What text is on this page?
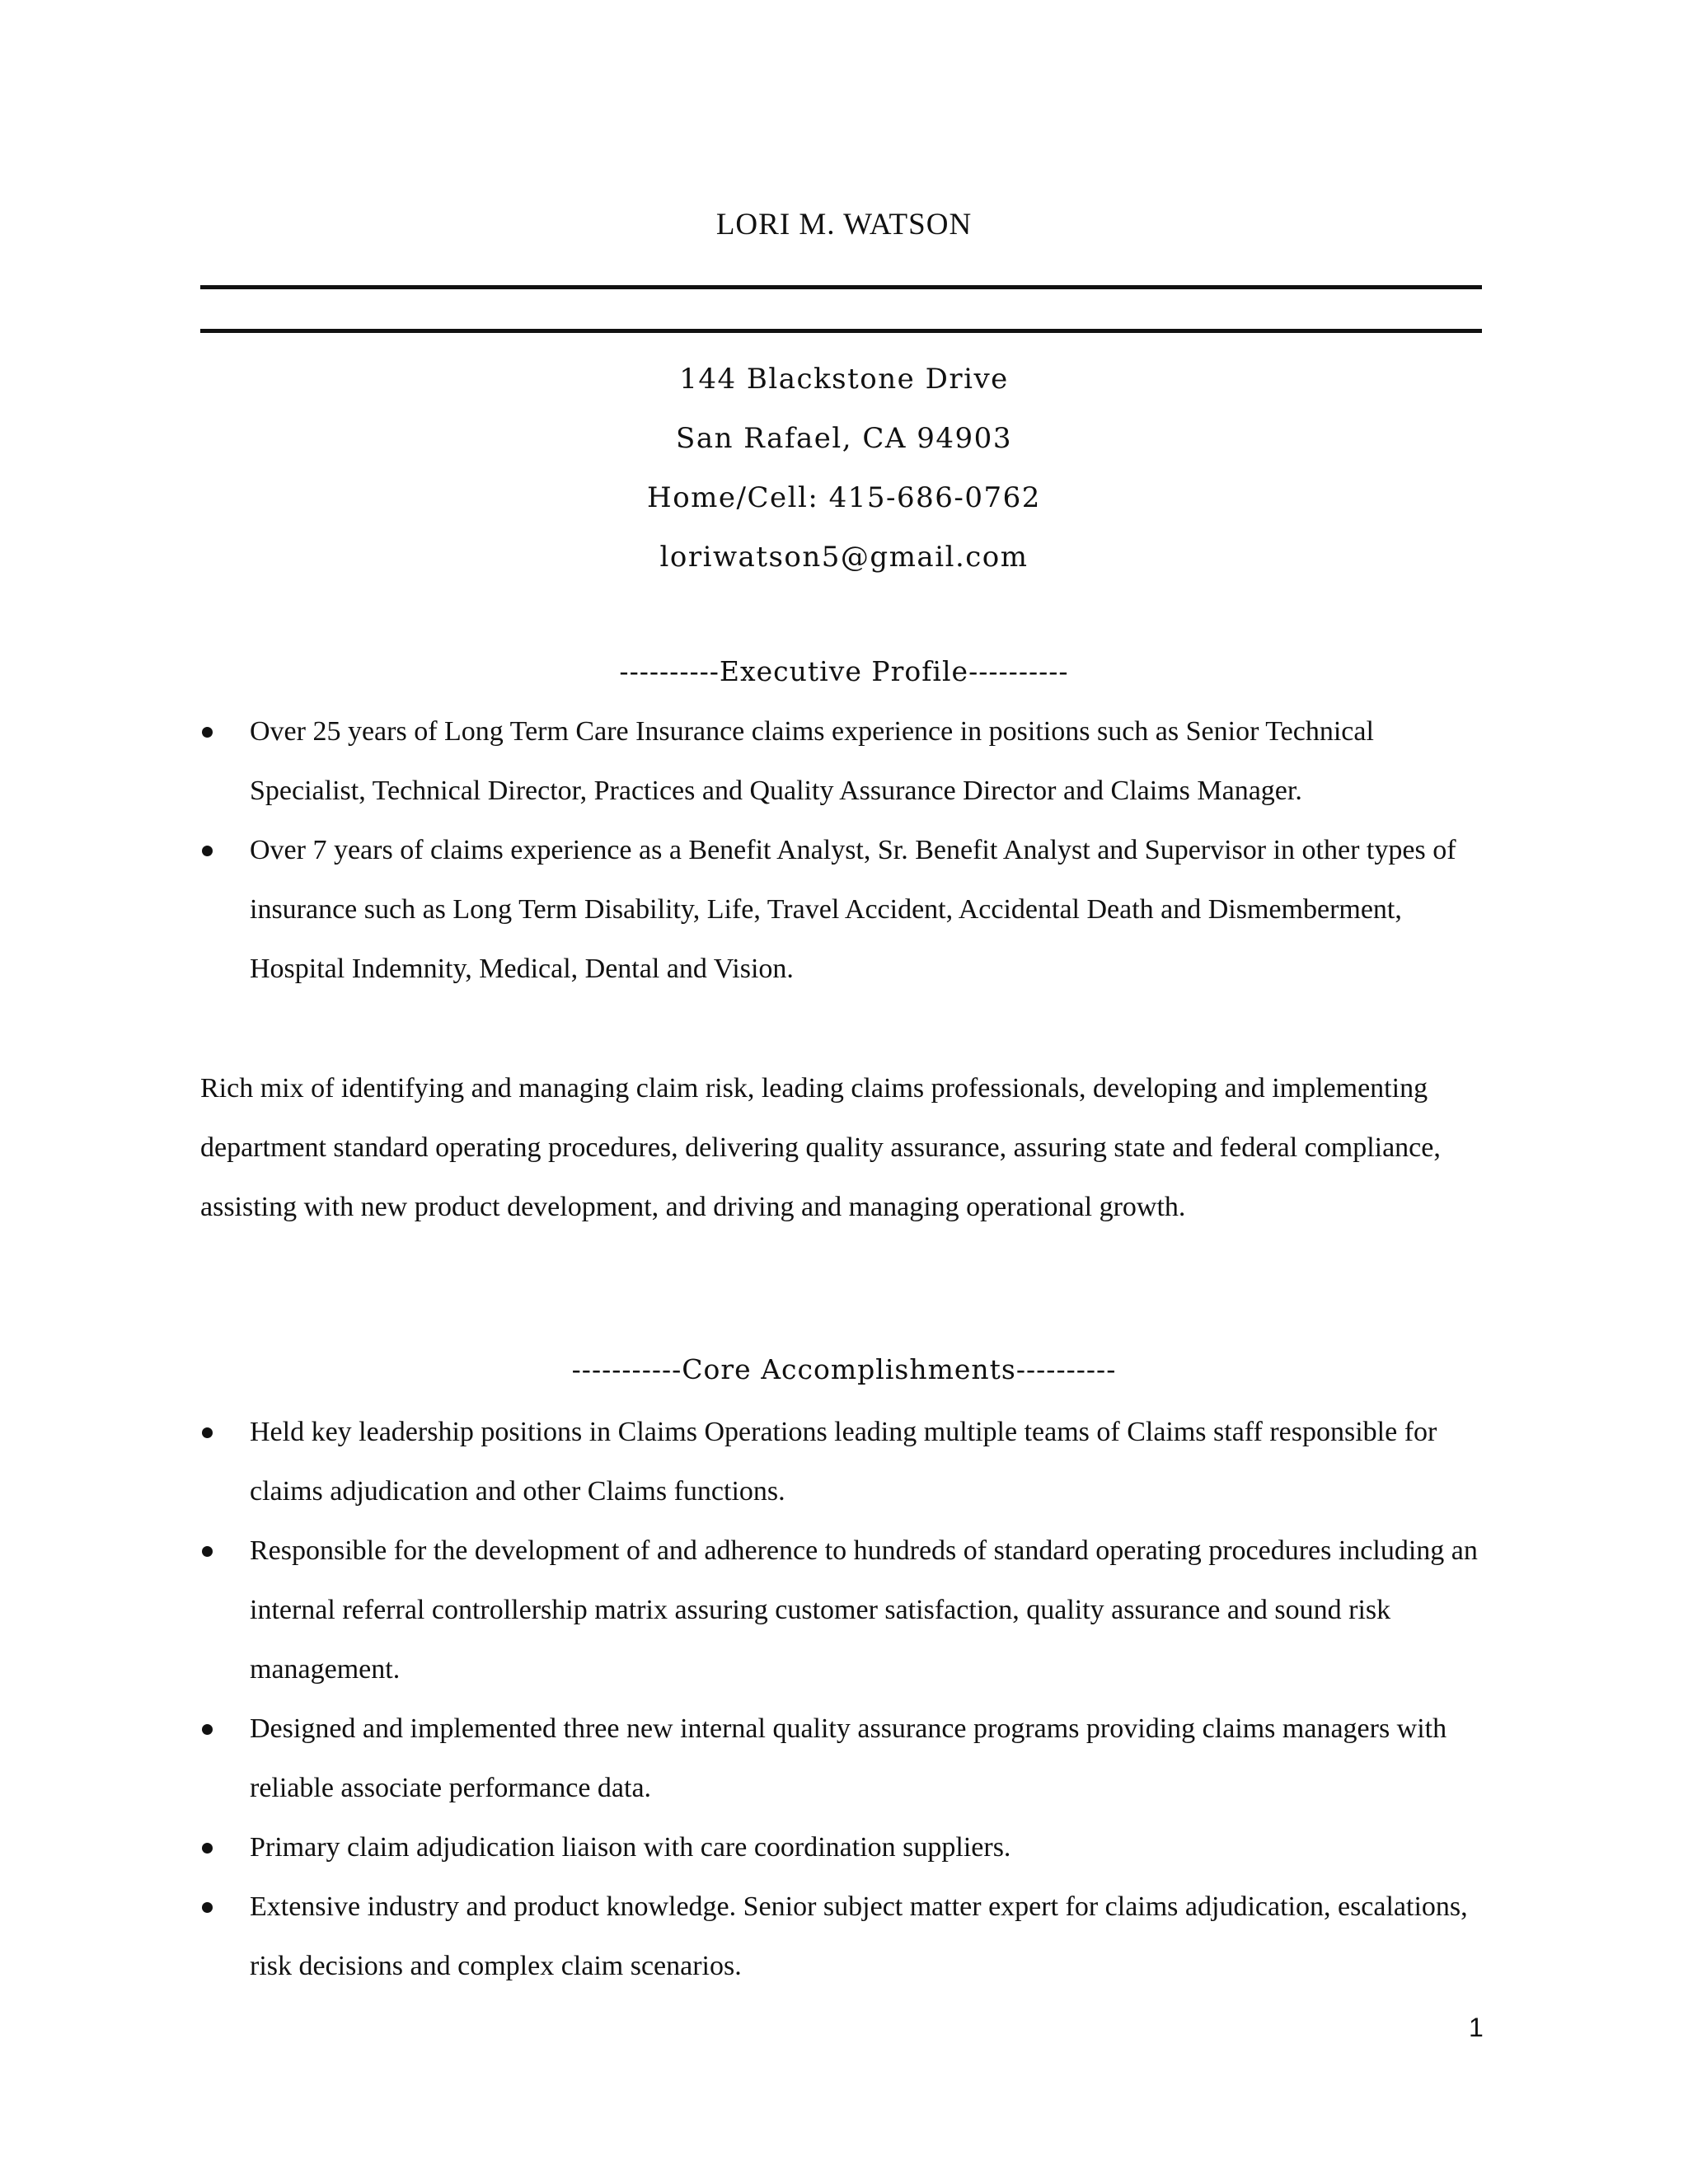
LORI M. WATSON
144 Blackstone Drive
San Rafael, CA 94903
Home/Cell: 415-686-0762
loriwatson5@gmail.com
----------Executive Profile----------
Over 25 years of Long Term Care Insurance claims experience in positions such as Senior Technical Specialist, Technical Director, Practices and Quality Assurance Director and Claims Manager.
Over 7 years of claims experience as a Benefit Analyst, Sr. Benefit Analyst and Supervisor in other types of insurance such as Long Term Disability, Life, Travel Accident, Accidental Death and Dismemberment, Hospital Indemnity, Medical, Dental and Vision.

Rich mix of identifying and managing claim risk, leading claims professionals, developing and implementing department standard operating procedures, delivering quality assurance, assuring state and federal compliance, assisting with new product development, and driving and managing operational growth.

-----------Core Accomplishments----------
Held key leadership positions in Claims Operations leading multiple teams of Claims staff responsible for claims adjudication and other Claims functions.
Responsible for the development of and adherence to hundreds of standard operating procedures including an internal referral controllership matrix assuring customer satisfaction, quality assurance and sound risk management.
Designed and implemented three new internal quality assurance programs providing claims managers with reliable associate performance data.
Primary claim adjudication liaison with care coordination suppliers.
Extensive industry and product knowledge. Senior subject matter expert for claims adjudication, escalations, risk decisions and complex claim scenarios.
1
